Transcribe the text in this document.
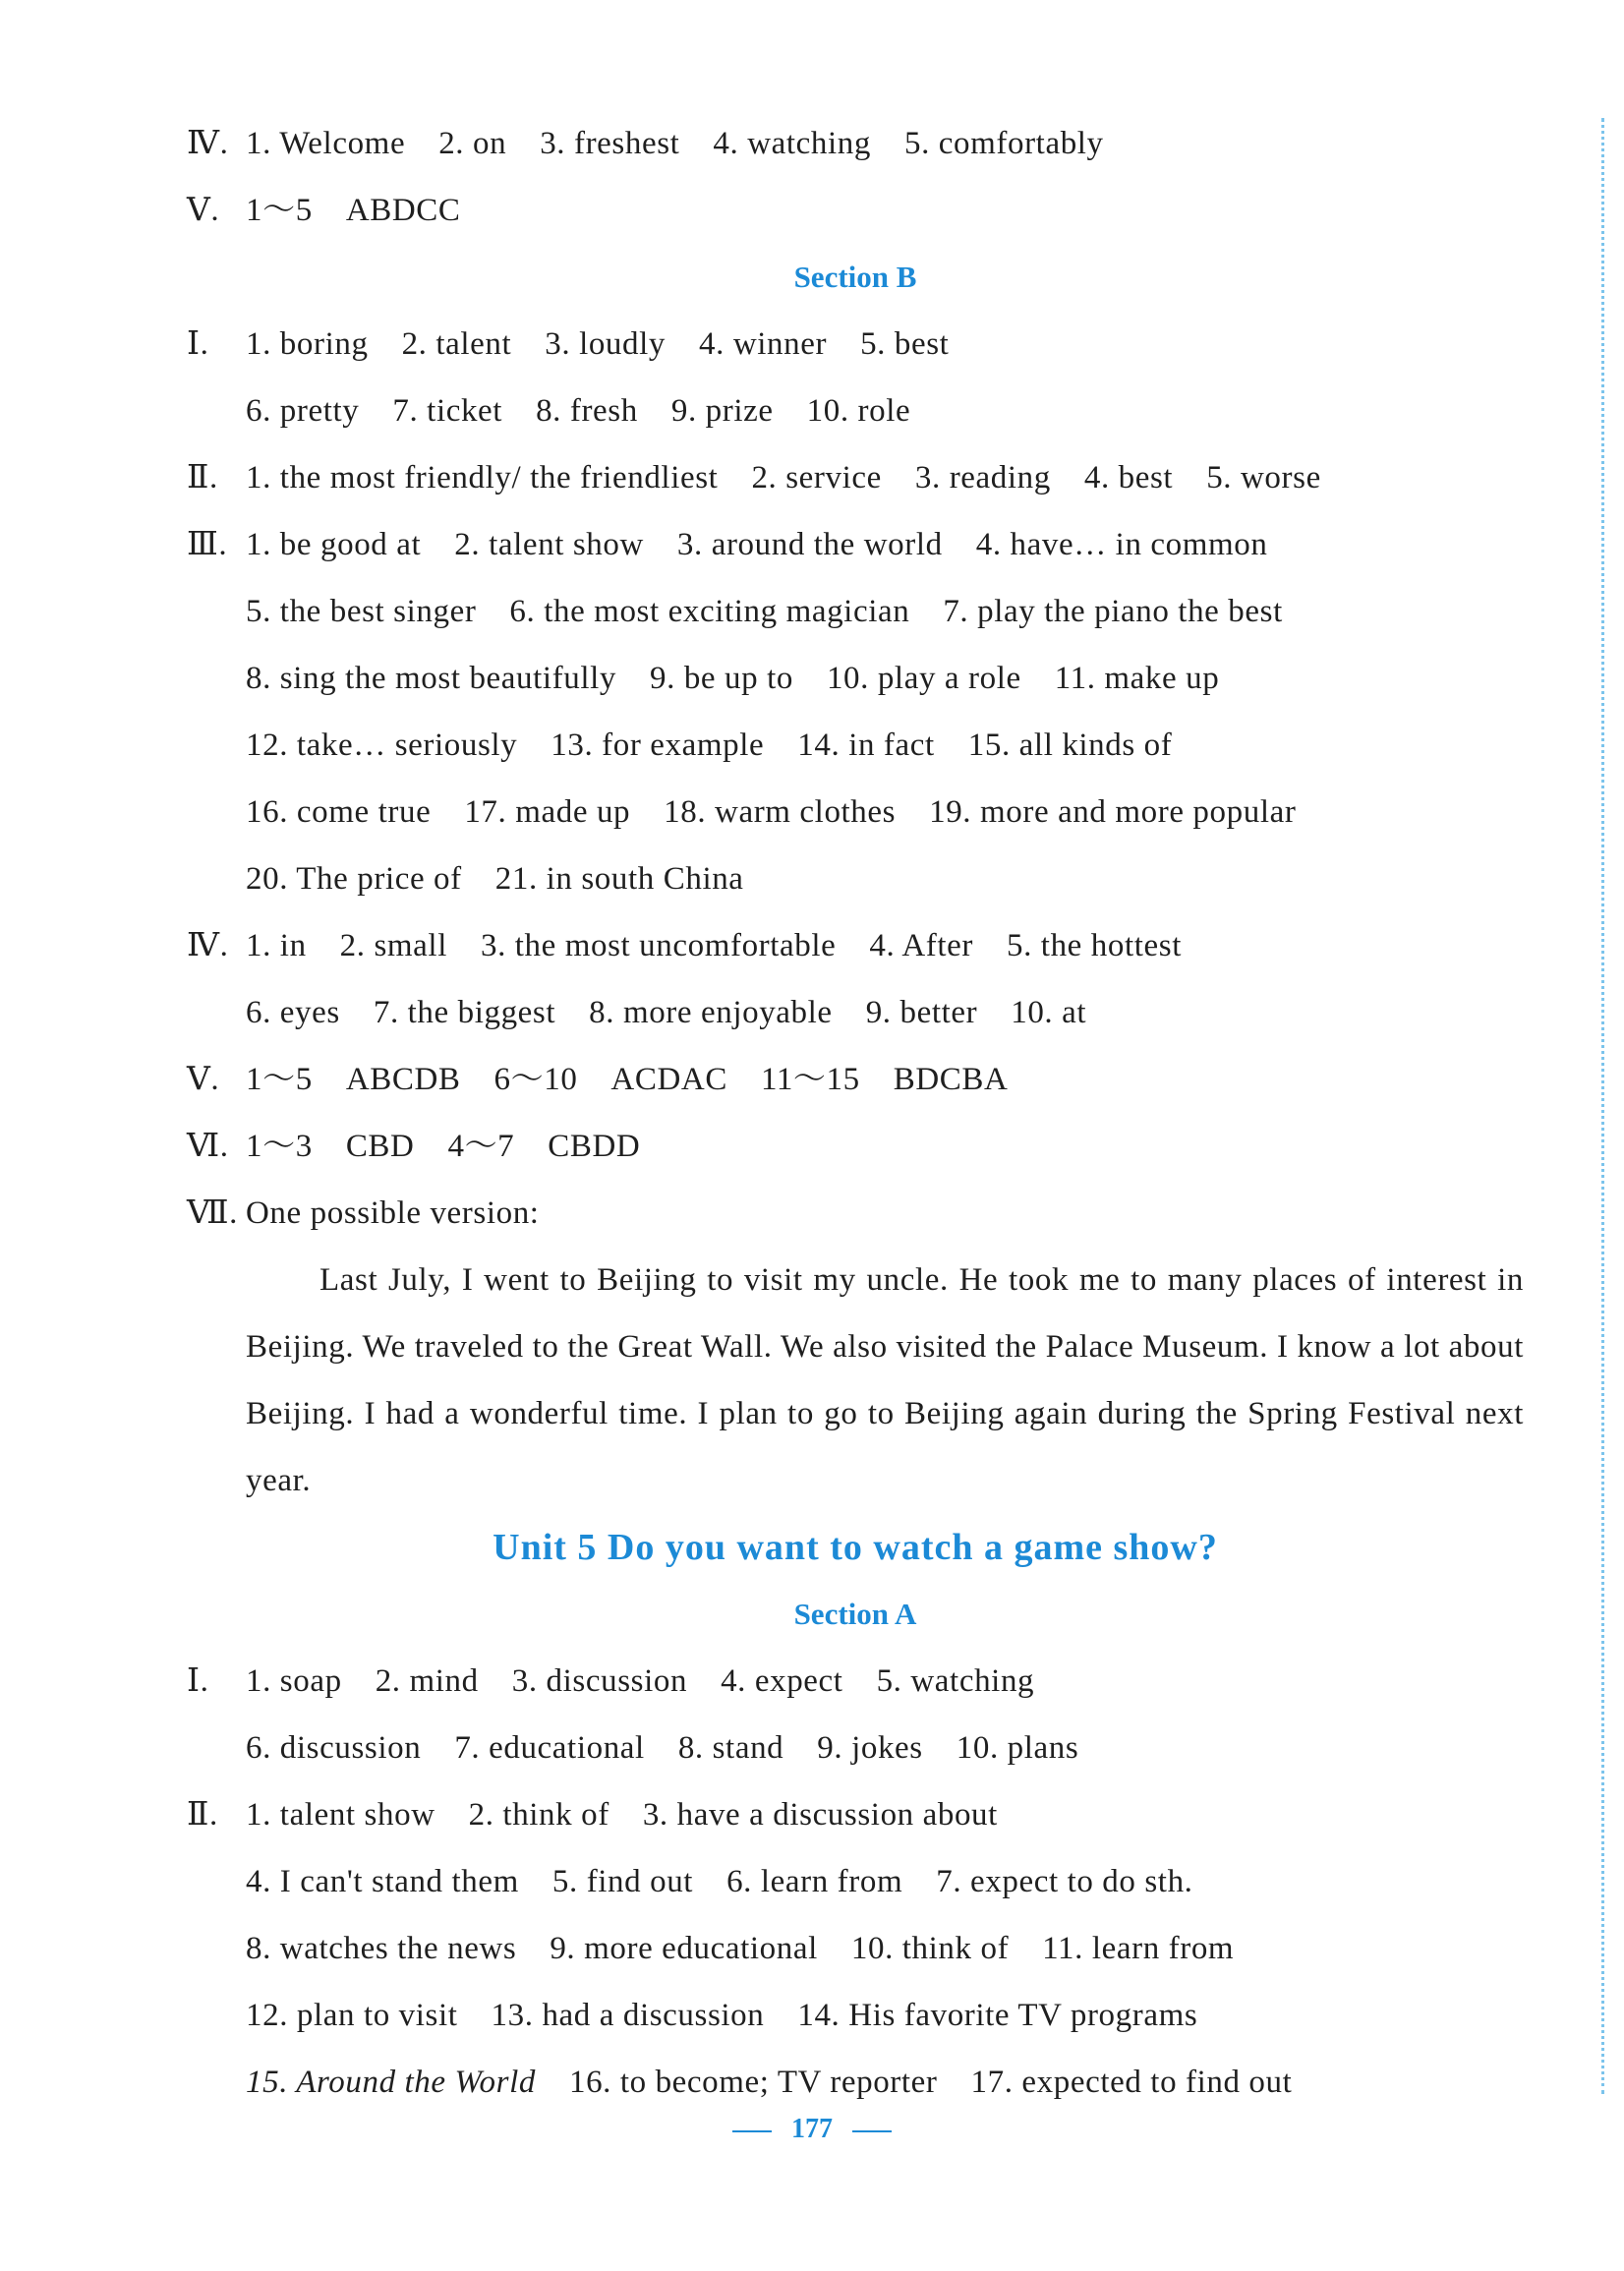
Ⅳ. 1. Welcome 2. on 3. freshest 4. watching 5. comfortably
Ⅴ. 1～5 ABDCC
Section B
Ⅰ. 1. boring 2. talent 3. loudly 4. winner 5. best
6. pretty 7. ticket 8. fresh 9. prize 10. role
Ⅱ. 1. the most friendly/ the friendliest 2. service 3. reading 4. best 5. worse
Ⅲ. 1. be good at 2. talent show 3. around the world 4. have… in common
5. the best singer 6. the most exciting magician 7. play the piano the best
8. sing the most beautifully 9. be up to 10. play a role 11. make up
12. take… seriously 13. for example 14. in fact 15. all kinds of
16. come true 17. made up 18. warm clothes 19. more and more popular
20. The price of 21. in south China
Ⅳ. 1. in 2. small 3. the most uncomfortable 4. After 5. the hottest
6. eyes 7. the biggest 8. more enjoyable 9. better 10. at
Ⅴ. 1～5 ABCDB 6～10 ACDAC 11～15 BDCBA
Ⅵ. 1～3 CBD 4～7 CBDD
Ⅶ. One possible version:
Last July, I went to Beijing to visit my uncle. He took me to many places of interest in Beijing. We traveled to the Great Wall. We also visited the Palace Museum. I know a lot about Beijing. I had a wonderful time. I plan to go to Beijing again during the Spring Festival next year.
Unit 5 Do you want to watch a game show?
Section A
Ⅰ. 1. soap 2. mind 3. discussion 4. expect 5. watching
6. discussion 7. educational 8. stand 9. jokes 10. plans
Ⅱ. 1. talent show 2. think of 3. have a discussion about
4. I can't stand them 5. find out 6. learn from 7. expect to do sth.
8. watches the news 9. more educational 10. think of 11. learn from
12. plan to visit 13. had a discussion 14. His favorite TV programs
15. Around the World 16. to become; TV reporter 17. expected to find out
177
